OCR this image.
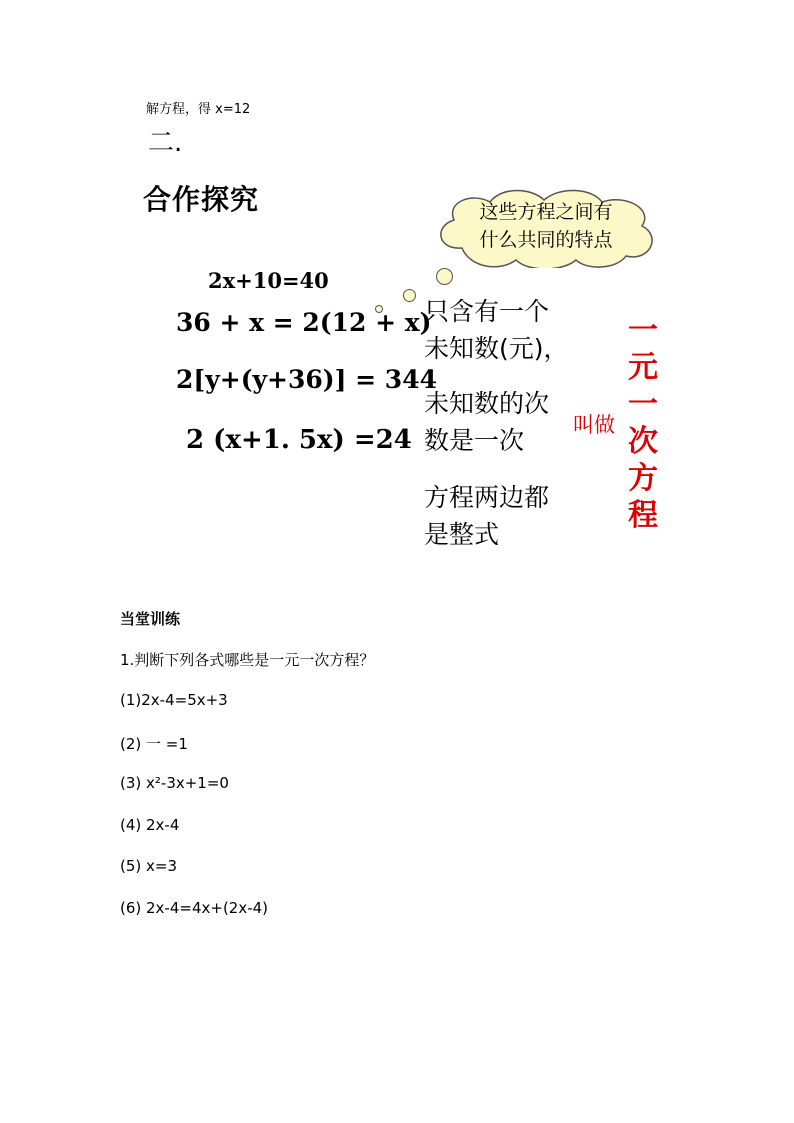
解方程，得 x=12
二.
合作探究	这些方程之间有
什么共同的特点
2x+10=40
36 + x = 2(12 + x)
2[y+(y+36)] = 344
2 (x+1. 5x) =24
只含有一个
未知数(元)，
未知数的次
数是一次
方程两边都
是整式
叫做
一
元
一
次
方
程
当堂训练
1.判断下列各式哪些是一元一次方程？
(1)2x-4=5x+3
(2) 一 =1
(3) x²-3x+1=0
(4) 2x-4
(5) x=3
(6) 2x-4=4x+(2x-4)
